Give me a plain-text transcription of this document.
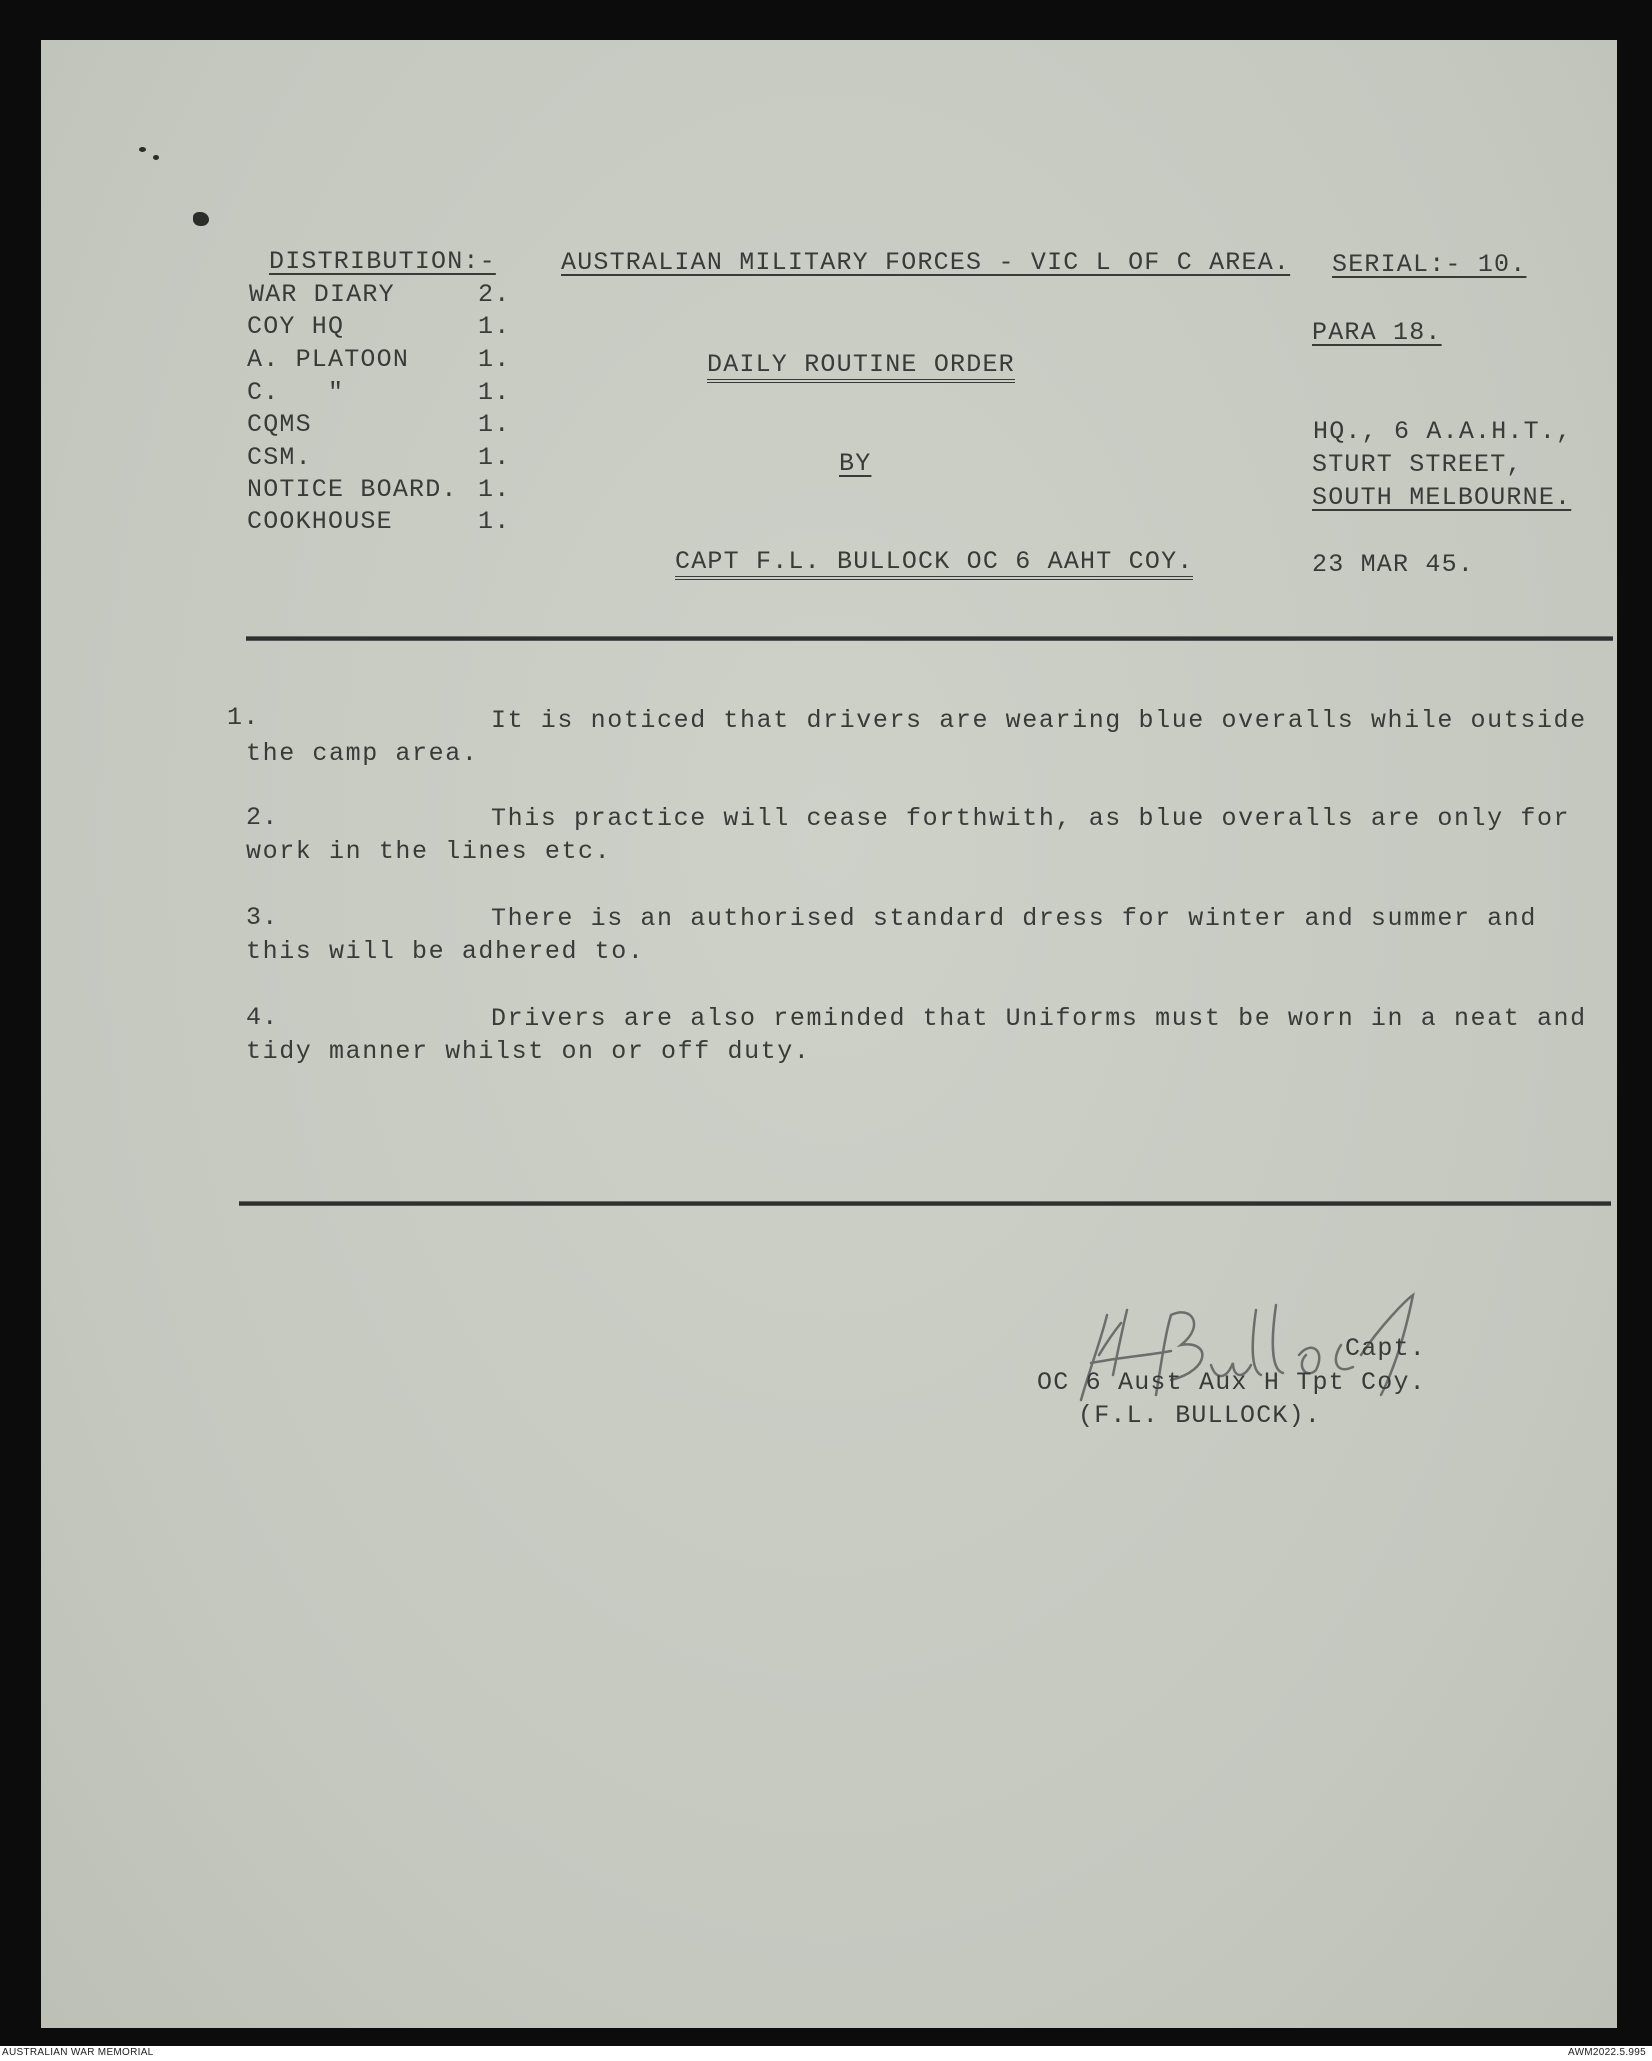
DISTRIBUTION:-	AUSTRALIAN MILITARY FORCES - VIC L OF C AREA. SERIAL:- 10.
PARA 18.
WAR DIARY	2.
COY HQ	1.
A. PLATOON	1.
C.   "	1.
CQMS	1.
CSM.	1.
NOTICE BOARD. 1.
COOKHOUSE	1.
DAILY ROUTINE ORDER
BY
CAPT F.L. BULLOCK OC 6 AAHT COY.
HQ., 6 A.A.H.T.,
STURT STREET,
SOUTH MELBOURNE.
23 MAR 45.
1.	It is noticed that drivers are wearing blue overalls while outside
the camp area.
2.	This practice will cease forthwith, as blue overalls are only for
work in the lines etc.
3.	There is an authorised standard dress for winter and summer and
this will be adhered to.
4.	Drivers are also reminded that Uniforms must be worn in a neat and
tidy manner whilst on or off duty.
Capt.
OC 6 Aust Aux H Tpt Coy.
(F.L. BULLOCK).
AUSTRALIAN WAR MEMORIAL	AWM2022.5.995
